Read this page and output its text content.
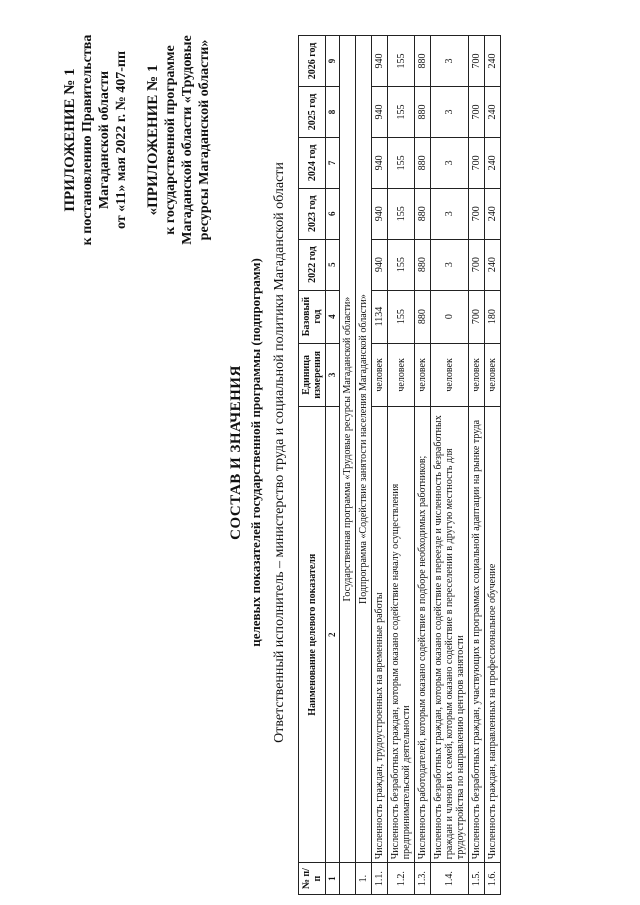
ПРИЛОЖЕНИЕ № 1 к постановлению Правительства Магаданской области от «11» мая 2022 г. № 407-пп «ПРИЛОЖЕНИЕ № 1 к государственной программе Магаданской области «Трудовые ресурсы Магаданской области»
СОСТАВ И ЗНАЧЕНИЯ целевых показателей государственной программы (подпрограмм) Ответственный исполнитель – министерство труда и социальной политики Магаданской области
№ п/п	Наименование целевого показателя	Единица измерения	Базовый год	2022 год	2023 год	2024 год	2025 год	2026 год
1	2	3	4	5	6	7	8	9
	Государственная программа «Трудовые ресурсы Магаданской области»							
1.	Подпрограмма «Содействие занятости населения Магаданской области»							
1.1.	Численность граждан, трудоустроенных на временные работы	человек	1134	940	940	940	940	940
1.2.	Численность безработных граждан, которым оказано содействие началу осуществления предпринимательской деятельности	человек	155	155	155	155	155	155
1.3.	Численность работодателей, которым оказано содействие в подборе необходимых работников;	человек	880	880	880	880	880	880
1.4.	Численность безработных граждан, которым оказано содействие в переезде и численность безработных граждан и членов их семей, которым оказано содействие в переселении в другую местность для трудоустройства по направлению центров занятости	человек	0	3	3	3	3	3
1.5.	Численность безработных граждан, участвующих в программах социальной адаптации на рынке труда	человек	700	700	700	700	700	700
1.6.	Численность граждан, направленных на профессиональное обучение	человек	180	240	240	240	240	240
